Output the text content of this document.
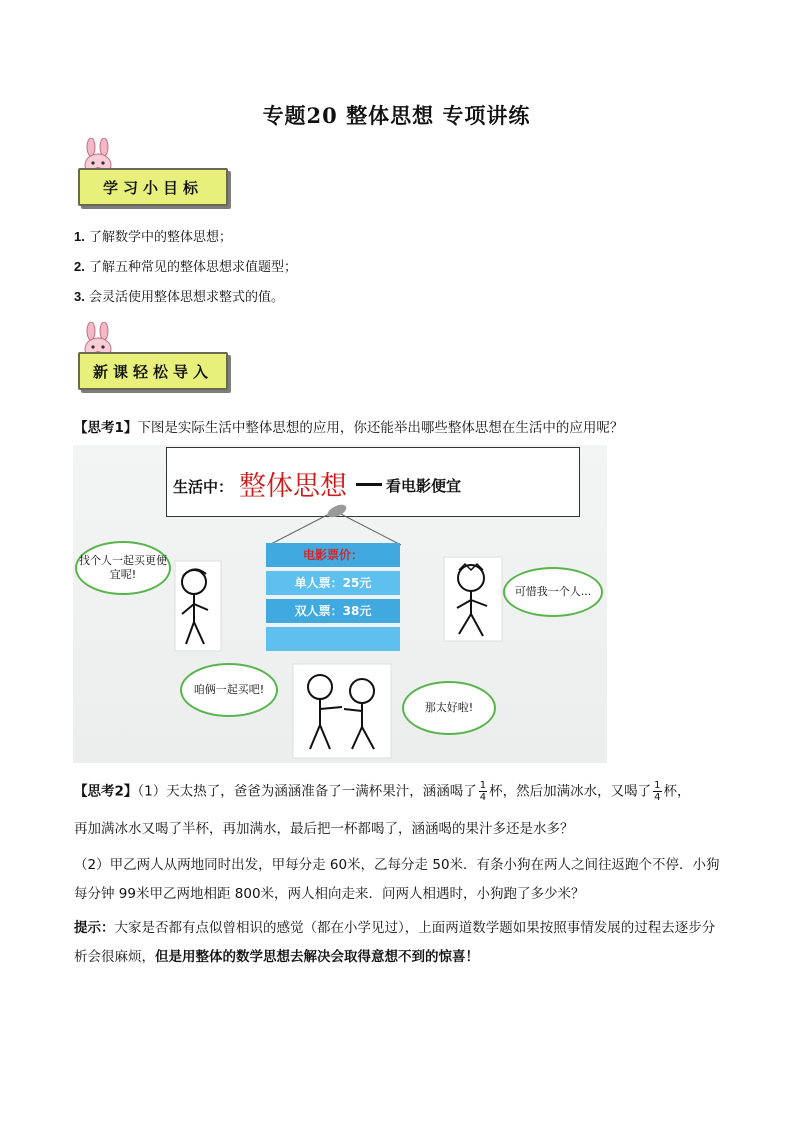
专题20 整体思想 专项讲练
学习小目标
1. 了解数学中的整体思想；
2. 了解五种常见的整体思想求值题型；
3. 会灵活使用整体思想求整式的值。
新课轻松导入
【思考1】下图是实际生活中整体思想的应用，你还能举出哪些整体思想在生活中的应用呢？
生活中： 整体思想	看电影便宜
电影票价：
单人票：25元
双人票：38元
找个人一起买更便宜呢!
可惜我一个人...
咱俩一起买吧!
那太好啦!
【思考2】（1）天太热了，爸爸为涵涵准备了一满杯果汁，涵涵喝了 $\frac{1}{4}$ 杯，然后加满冰水，又喝了 $\frac{1}{4}$ 杯，
再加满冰水又喝了半杯，再加满水，最后把一杯都喝了，涵涵喝的果汁多还是水多？
（2）甲乙两人从两地同时出发，甲每分走 60米，乙每分走 50米．有条小狗在两人之间往返跑个不停．小狗每分钟 99米甲乙两地相距 800米，两人相向走来．问两人相遇时，小狗跑了多少米？
提示：大家是否都有点似曾相识的感觉（都在小学见过），上面两道数学题如果按照事情发展的过程去逐步分析会很麻烦，但是用整体的数学思想去解决会取得意想不到的惊喜！
